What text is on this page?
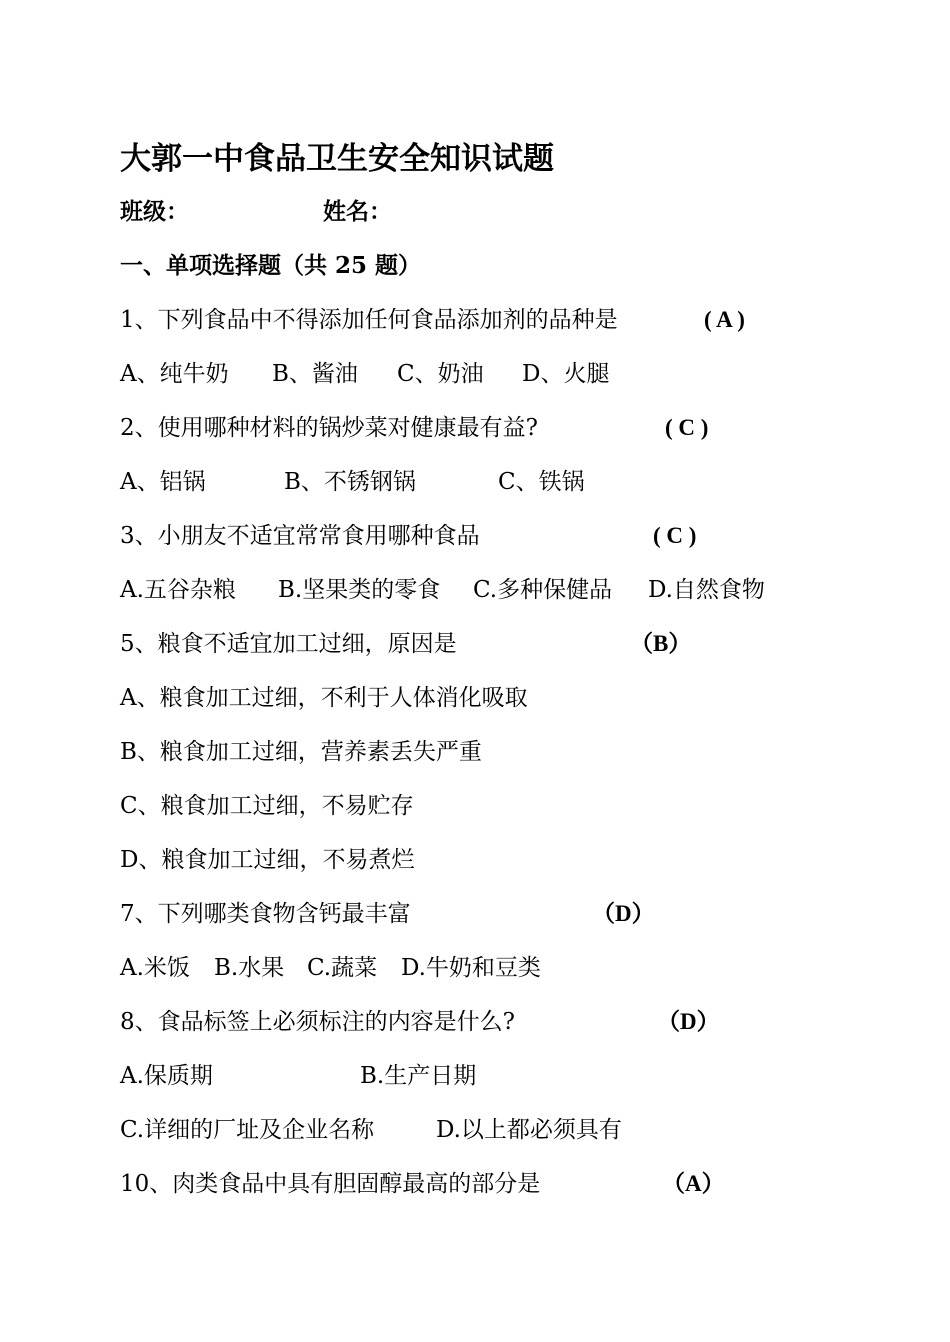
大郭一中食品卫生安全知识试题
班级：	姓名：
一、单项选择题（共 25 题）
1、下列食品中不得添加任何食品添加剂的品种是	( A )
A、纯牛奶 B、酱油 C、奶油 D、火腿
2、使用哪种材料的锅炒菜对健康最有益?	( C )
A、铝锅	B、不锈钢锅	C、铁锅
3、小朋友不适宜常常食用哪种食品	( C )
A.五谷杂粮 B.坚果类的零食 C.多种保健品 D.自然食物
5、粮食不适宜加工过细，原因是	（B）
A、粮食加工过细，不利于人体消化吸取
B、粮食加工过细，营养素丢失严重
C、粮食加工过细，不易贮存
D、粮食加工过细，不易煮烂
7、下列哪类食物含钙最丰富	（D）
A.米饭 B.水果 C.蔬菜 D.牛奶和豆类
8、食品标签上必须标注的内容是什么?	（D）
A.保质期	B.生产日期
C.详细的厂址及企业名称	D.以上都必须具有
10、肉类食品中具有胆固醇最高的部分是	（A）
